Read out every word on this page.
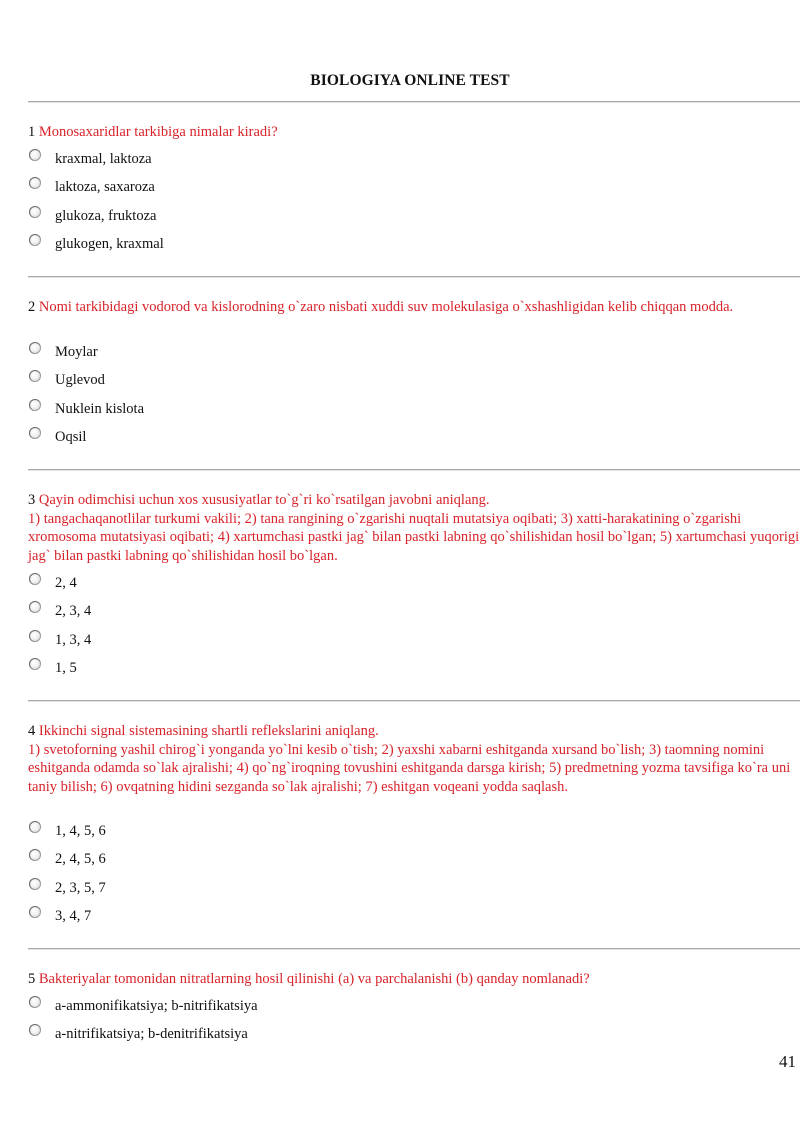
BIOLOGIYA ONLINE TEST

1 Monosaxaridlar tarkibiga nimalar kiradi?

kraxmal, laktoza
laktoza, saxaroza
glukoza, fruktoza
glukogen, kraxmal

2 Nomi tarkibidagi vodorod va kislorodning o`zaro nisbati xuddi suv molekulasiga o`xshashligidan kelib chiqqan modda.

Moylar
Uglevod
Nuklein kislota
Oqsil

3 Qayin odimchisi uchun xos xususiyatlar to`g`ri ko`rsatilgan javobni aniqlang.

1) tangachaqanotlilar turkumi vakili; 2) tana rangining o`zgarishi nuqtali mutatsiya oqibati; 3) xatti-harakatining o`zgarishi xromosoma mutatsiyasi oqibati; 4) xartumchasi pastki jag` bilan pastki labning qo`shilishidan hosil bo`lgan; 5) xartumchasi yuqorigi jag` bilan pastki labning qo`shilishidan hosil bo`lgan.

2, 4
2, 3, 4
1, 3, 4
1, 5

4 Ikkinchi signal sistemasining shartli reflekslarini aniqlang.

1) svetoforning yashil chirog`i yonganda yo`lni kesib o`tish; 2) yaxshi xabarni eshitganda xursand bo`lish; 3) taomning nomini eshitganda odamda so`lak ajralishi; 4) qo`ng`iroqning tovushini eshitganda darsga kirish; 5) predmetning yozma tavsifiga ko`ra uni taniy bilish; 6) ovqatning hidini sezganda so`lak ajralishi; 7) eshitgan voqeani yodda saqlash.

1, 4, 5, 6
2, 4, 5, 6
2, 3, 5, 7
3, 4, 7

5 Bakteriyalar tomonidan nitratlarning hosil qilinishi (a) va parchalanishi (b) qanday nomlanadi?

a-ammonifikatsiya; b-nitrifikatsiya
a-nitrifikatsiya; b-denitrifikatsiya
41
